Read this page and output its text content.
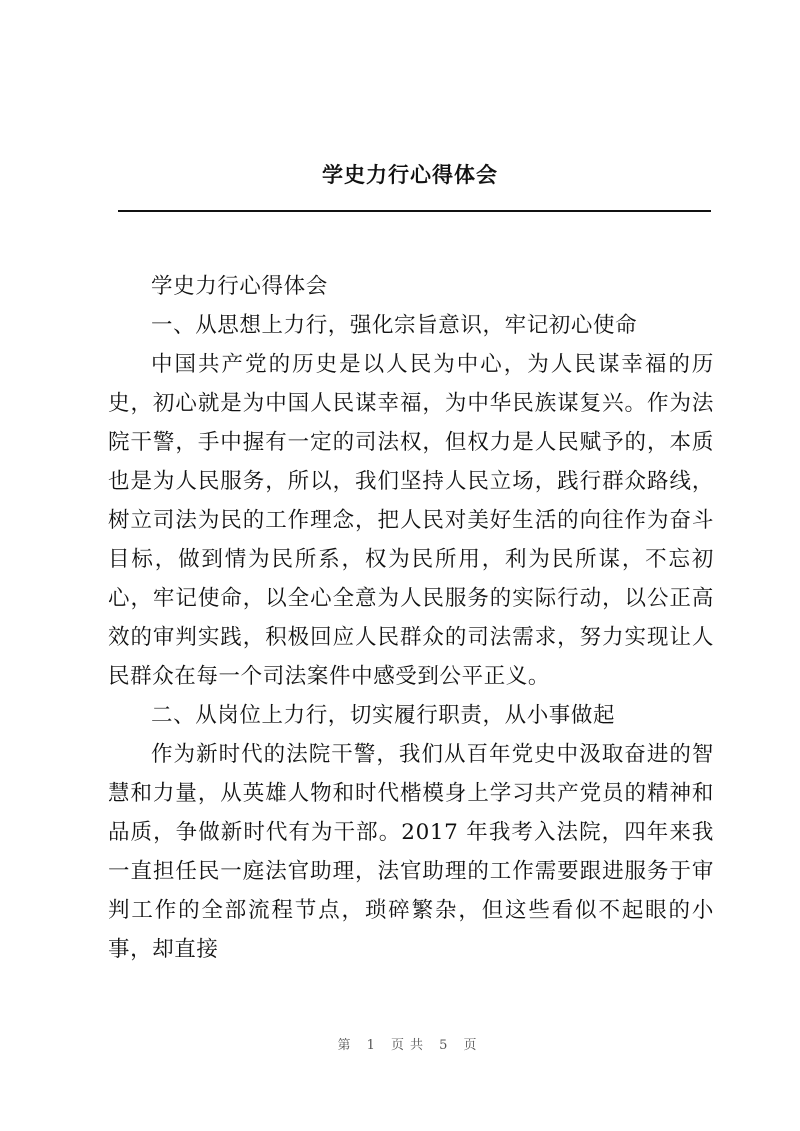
学史力行心得体会

学史力行心得体会

一、从思想上力行，强化宗旨意识，牢记初心使命

中国共产党的历史是以人民为中心，为人民谋幸福的历史，初心就是为中国人民谋幸福，为中华民族谋复兴。作为法院干警，手中握有一定的司法权，但权力是人民赋予的，本质也是为人民服务，所以，我们坚持人民立场，践行群众路线，树立司法为民的工作理念，把人民对美好生活的向往作为奋斗目标，做到情为民所系，权为民所用，利为民所谋，不忘初心，牢记使命，以全心全意为人民服务的实际行动，以公正高效的审判实践，积极回应人民群众的司法需求，努力实现让人民群众在每一个司法案件中感受到公平正义。

二、从岗位上力行，切实履行职责，从小事做起

作为新时代的法院干警，我们从百年党史中汲取奋进的智慧和力量，从英雄人物和时代楷模身上学习共产党员的精神和品质，争做新时代有为干部。2017 年我考入法院，四年来我一直担任民一庭法官助理，法官助理的工作需要跟进服务于审判工作的全部流程节点，琐碎繁杂，但这些看似不起眼的小事，却直接

第 1 页共 5 页
